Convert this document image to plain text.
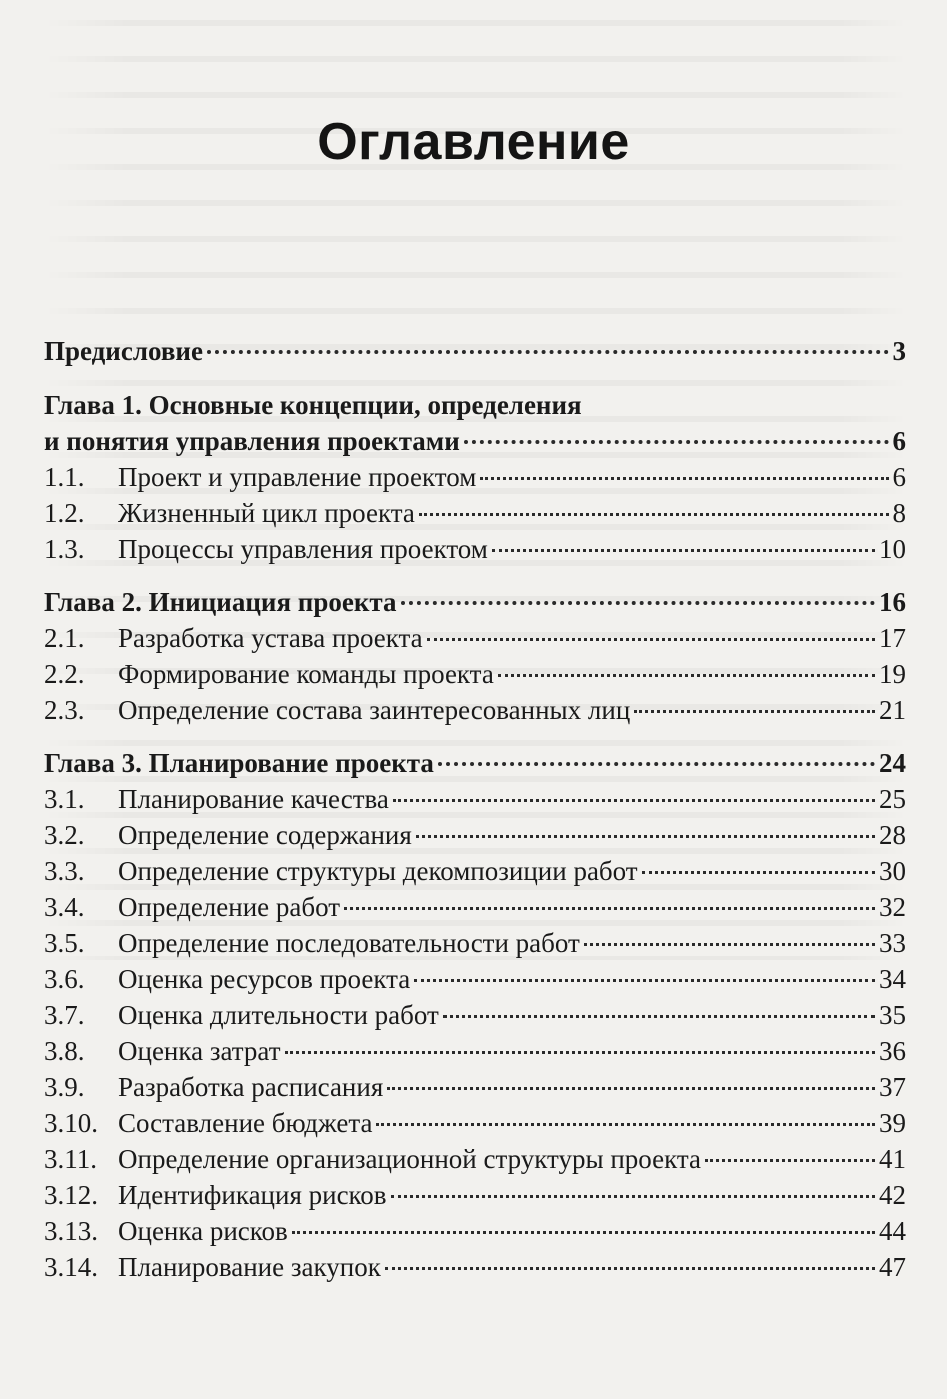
Оглавление
Предисловие	3
Глава 1. Основные концепции, определения
и понятия управления проектами	6
1.1.	Проект и управление проектом	6
1.2.	Жизненный цикл проекта	8
1.3.	Процессы управления проектом	10
Глава 2. Инициация проекта	16
2.1.	Разработка устава проекта	17
2.2.	Формирование команды проекта	19
2.3.	Определение состава заинтересованных лиц	21
Глава 3. Планирование проекта	24
3.1.	Планирование качества	25
3.2.	Определение содержания	28
3.3.	Определение структуры декомпозиции работ	30
3.4.	Определение работ	32
3.5.	Определение последовательности работ	33
3.6.	Оценка ресурсов проекта	34
3.7.	Оценка длительности работ	35
3.8.	Оценка затрат	36
3.9.	Разработка расписания	37
3.10. Составление бюджета	39
3.11. Определение организационной структуры проекта	41
3.12. Идентификация рисков	42
3.13. Оценка рисков	44
3.14. Планирование закупок	47
